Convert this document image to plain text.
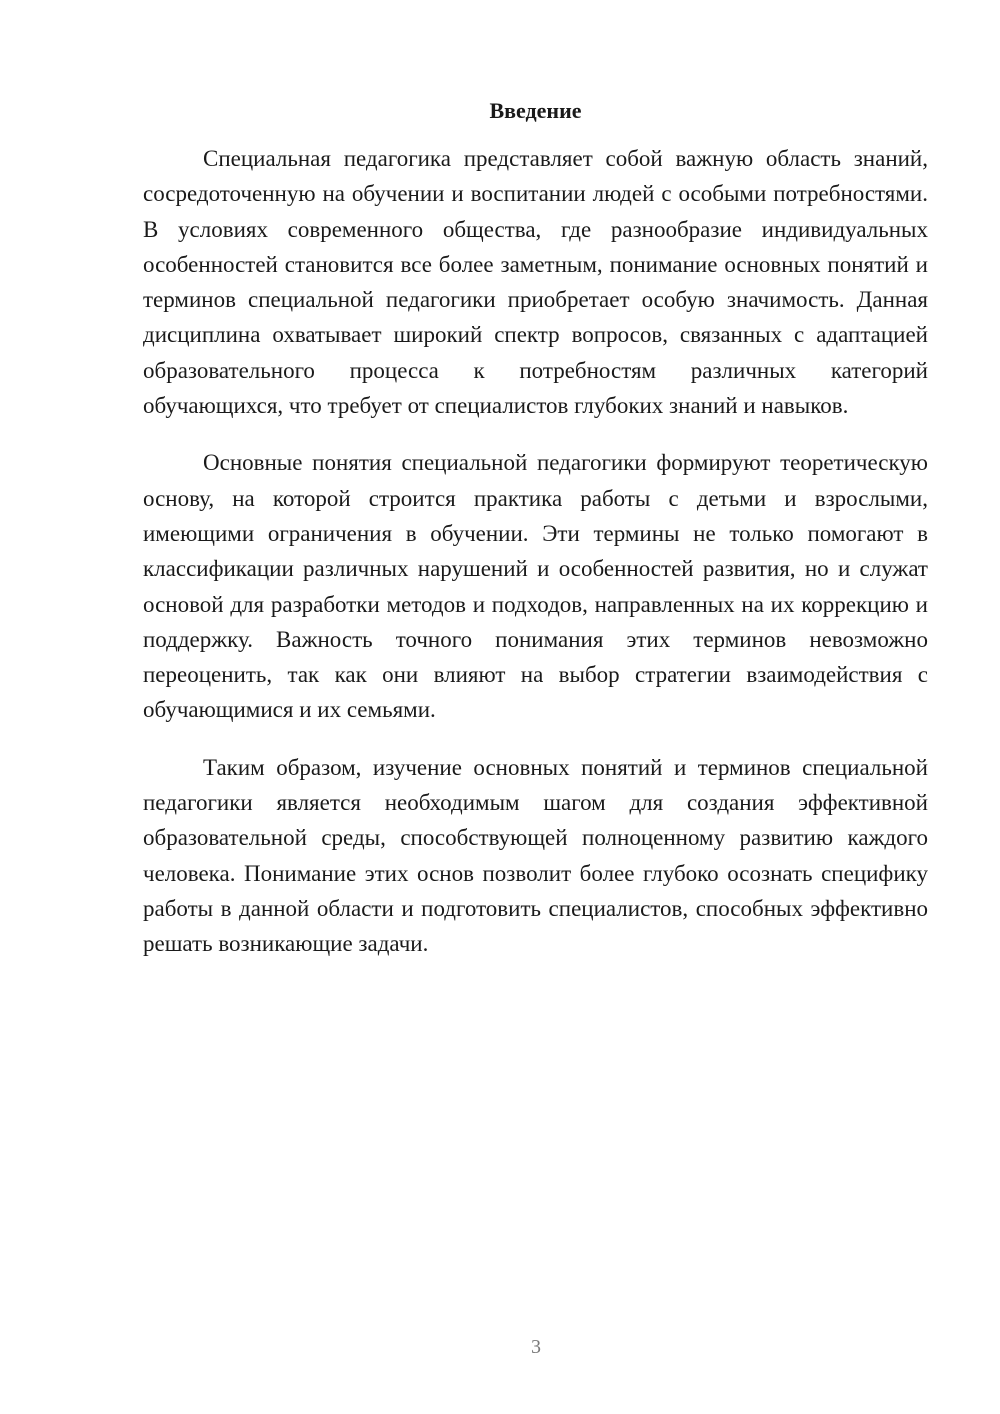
Введение

Специальная педагогика представляет собой важную область знаний, сосредоточенную на обучении и воспитании людей с особыми потребностями. В условиях современного общества, где разнообразие индивидуальных особенностей становится все более заметным, понимание основных понятий и терминов специальной педагогики приобретает особую значимость. Данная дисциплина охватывает широкий спектр вопросов, связанных с адаптацией образовательного процесса к потребностям различных категорий обучающихся, что требует от специалистов глубоких знаний и навыков.

Основные понятия специальной педагогики формируют теоретическую основу, на которой строится практика работы с детьми и взрослыми, имеющими ограничения в обучении. Эти термины не только помогают в классификации различных нарушений и особенностей развития, но и служат основой для разработки методов и подходов, направленных на их коррекцию и поддержку. Важность точного понимания этих терминов невозможно переоценить, так как они влияют на выбор стратегии взаимодействия с обучающимися и их семьями.

Таким образом, изучение основных понятий и терминов специальной педагогики является необходимым шагом для создания эффективной образовательной среды, способствующей полноценному развитию каждого человека. Понимание этих основ позволит более глубоко осознать специфику работы в данной области и подготовить специалистов, способных эффективно решать возникающие задачи.

3
